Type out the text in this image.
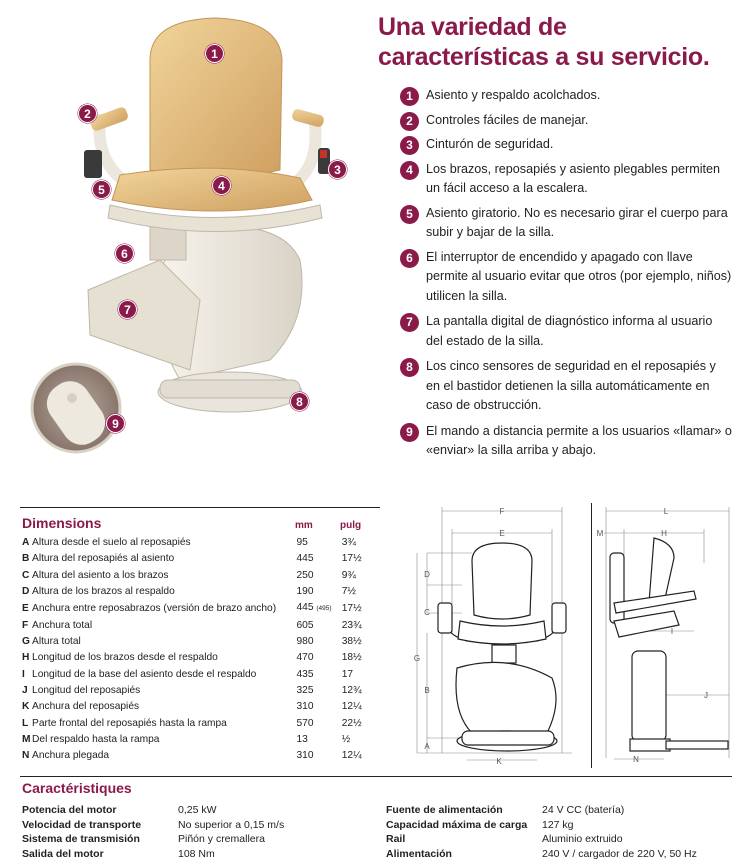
1
2
3
4
5
6
7
8
9
Una variedad de características a su servicio.
1	Asiento y respaldo acolchados.
2	Controles fáciles de manejar.
3	Cinturón de seguridad.
4	Los brazos, reposapiés y asiento plegables permiten un fácil acceso a la escalera.
5	Asiento giratorio. No es necesario girar el cuerpo para subir y bajar de la silla.
6	El interruptor de encendido y apagado con llave permite al usuario evitar que otros (por ejemplo, niños) utilicen la silla.
7	La pantalla digital de diagnóstico informa al usuario del estado de la silla.
8	Los cinco sensores de seguridad en el reposapiés y en el bastidor detienen la silla automáticamente en caso de obstrucción.
9	El mando a distancia permite a los usuarios «llamar» o «enviar» la silla arriba y abajo.
Dimensions	mm	pulg
A	Altura desde el suelo al reposapiés	95	3¾
B	Altura del reposapiés al asiento	445	17½
C	Altura del asiento a los brazos	250	9¾
D	Altura de los brazos al respaldo	190	7½
E	Anchura entre reposabrazos (versión de brazo ancho)	445 (495)	17½
F	Anchura total	605	23¾
G	Altura total	980	38½
H	Longitud de los brazos desde el respaldo	470	18½
I	Longitud de la base del asiento desde el respaldo	435	17
J	Longitud del reposapiés	325	12¾
K	Anchura del reposapiés	310	12¼
L	Parte frontal del reposapiés hasta la rampa	570	22½
M	Del respaldo hasta la rampa	13	½
N	Anchura plegada	310	12¼
F
E
D
C
G
B
A
K
L
M	H
I
J
N
Caractéristiques
Potencia del motor	0,25 kW
Velocidad de transporte	No superior a 0,15 m/s
Sistema de transmisión	Piñón y cremallera
Salida del motor	108 Nm
Fuente de alimentación	24 V CC (batería)
Capacidad máxima de carga	127 kg
Rail	Aluminio extruido
Alimentación	240 V / cargador de 220 V, 50 Hz
